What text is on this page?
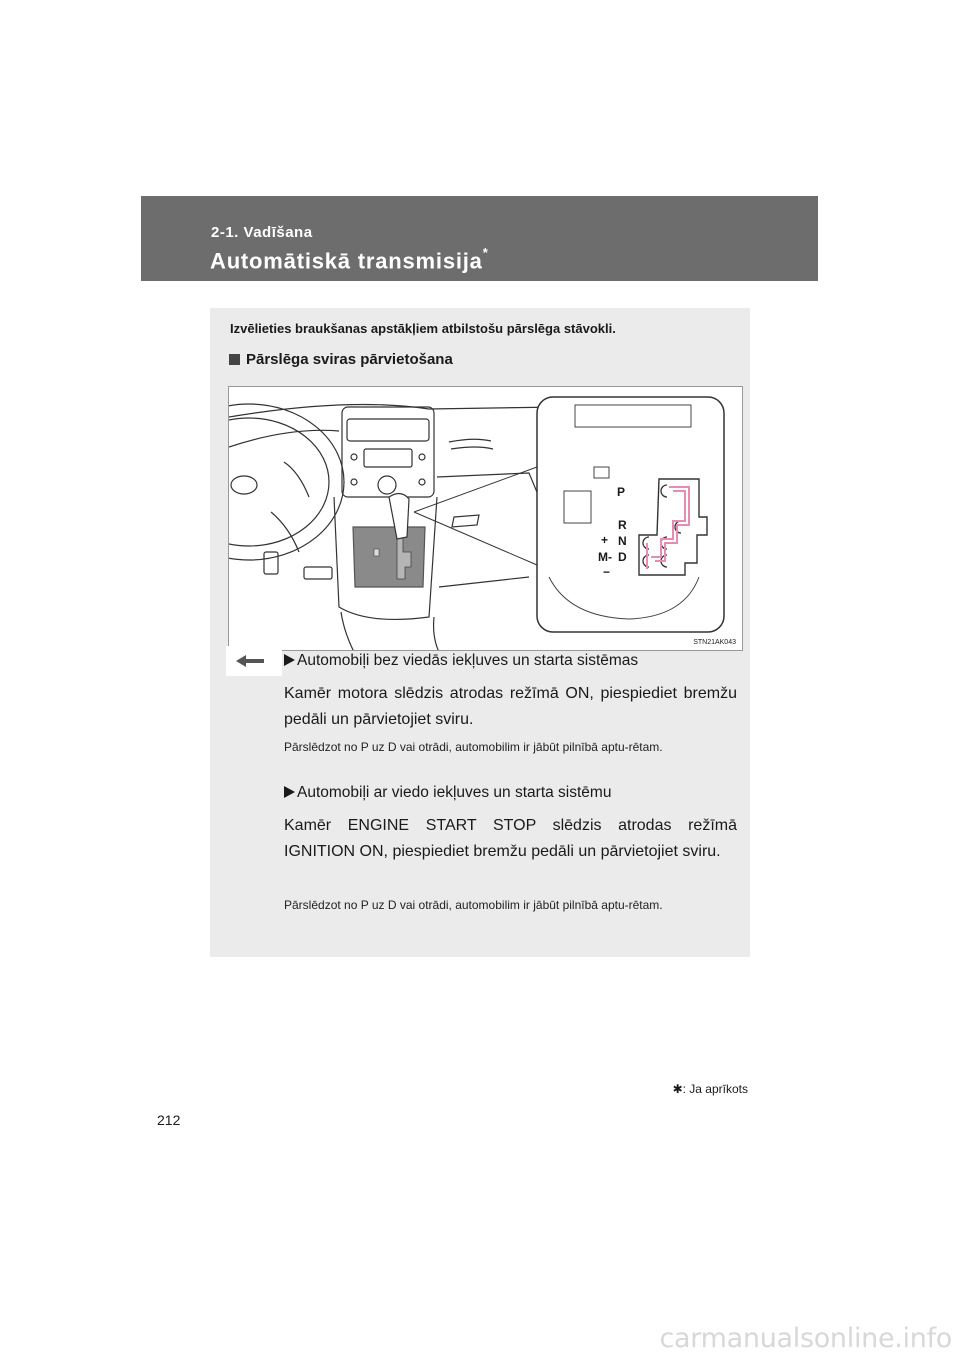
2-1. Vadīšana
Automātiskā transmisija*
Izvēlieties braukšanas apstākļiem atbilstošu pārslēga stāvokli.
Pārslēga sviras pārvietošana
P
R
N
D
+
M-
−
STN21AK043
Automobiļi bez viedās iekļuves un starta sistēmas
Kamēr motora slēdzis atrodas režīmā ON, piespiediet bremžu pedāli un pārvietojiet sviru.
Pārslēdzot no P uz D vai otrādi, automobilim ir jābūt pilnībā aptu-rētam.
Automobiļi ar viedo iekļuves un starta sistēmu
Kamēr ENGINE START STOP slēdzis atrodas režīmā IGNITION ON, piespiediet bremžu pedāli un pārvietojiet sviru.
Pārslēdzot no P uz D vai otrādi, automobilim ir jābūt pilnībā aptu-rētam.
✱: Ja aprīkots
212
carmanualsonline.info
